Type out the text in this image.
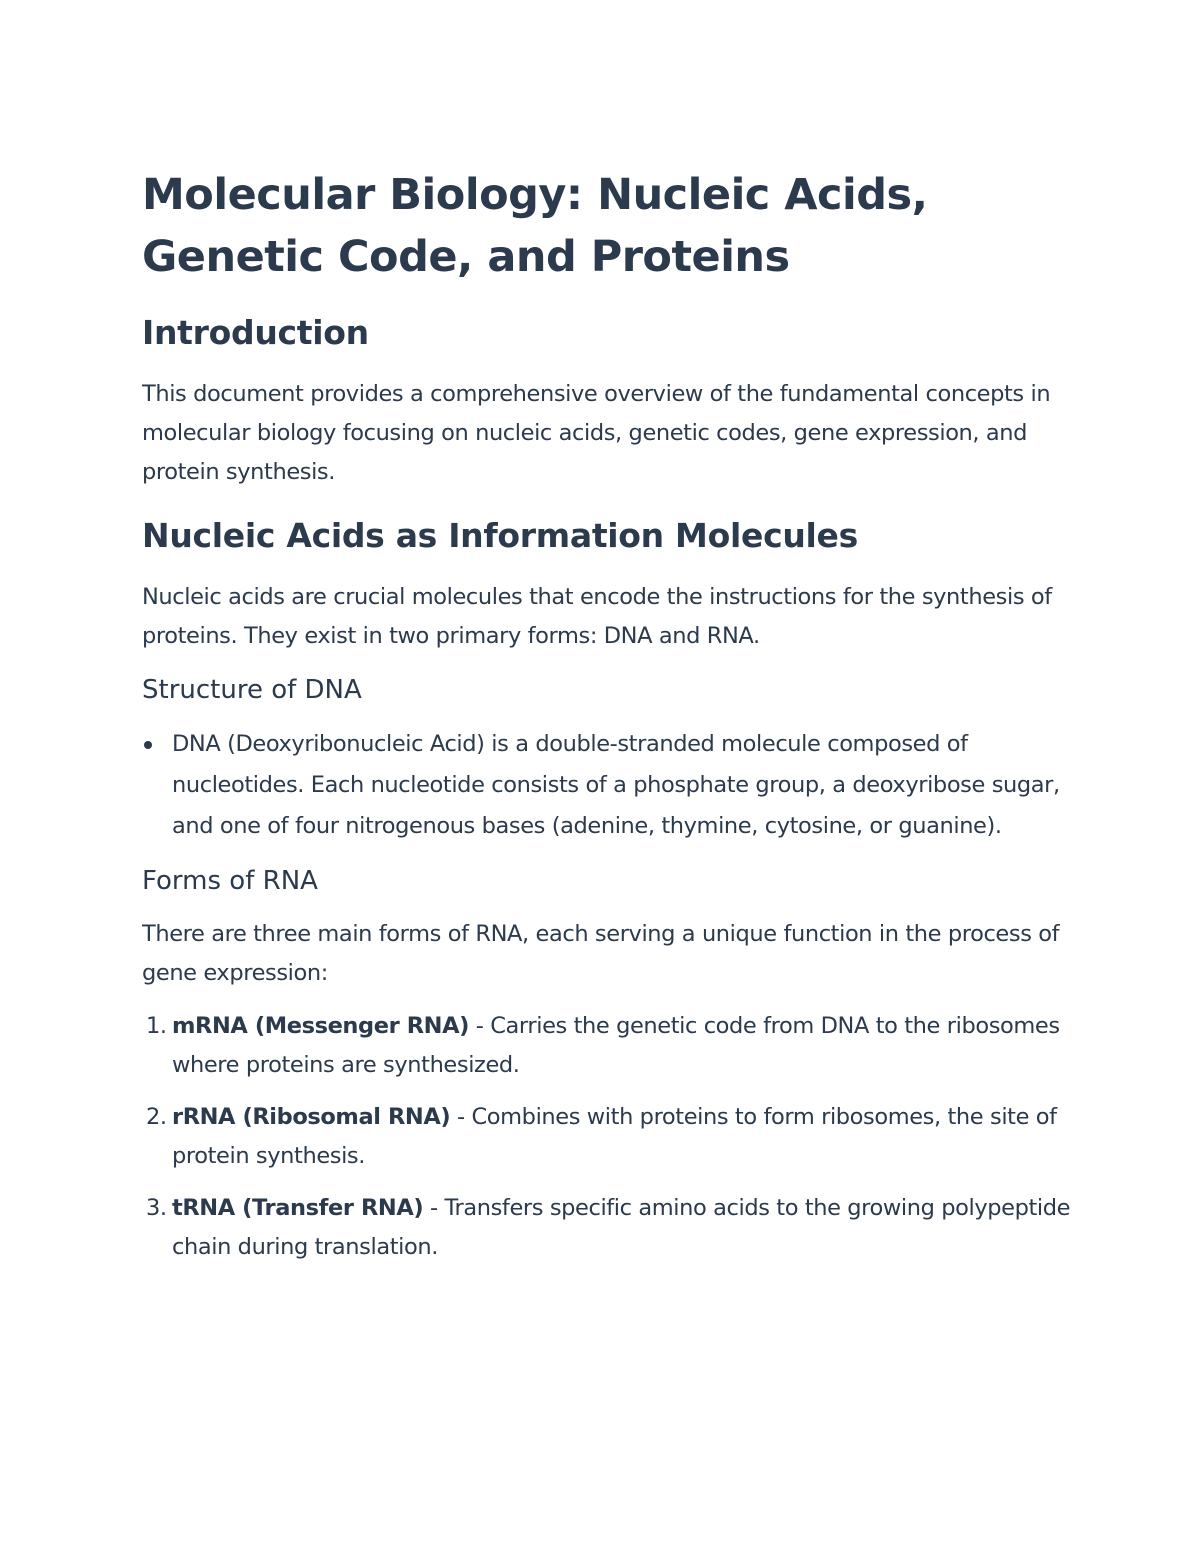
Molecular Biology: Nucleic Acids, Genetic Code, and Proteins
Introduction

This document provides a comprehensive overview of the fundamental concepts in molecular biology focusing on nucleic acids, genetic codes, gene expression, and protein synthesis.

Nucleic Acids as Information Molecules

Nucleic acids are crucial molecules that encode the instructions for the synthesis of proteins. They exist in two primary forms: DNA and RNA.

Structure of DNA
DNA (Deoxyribonucleic Acid) is a double-stranded molecule composed of nucleotides. Each nucleotide consists of a phosphate group, a deoxyribose sugar, and one of four nitrogenous bases (adenine, thymine, cytosine, or guanine).
Forms of RNA

There are three main forms of RNA, each serving a unique function in the process of gene expression:

1. mRNA (Messenger RNA) - Carries the genetic code from DNA to the ribosomes where proteins are synthesized.
2. rRNA (Ribosomal RNA) - Combines with proteins to form ribosomes, the site of protein synthesis.
3. tRNA (Transfer RNA) - Transfers specific amino acids to the growing polypeptide chain during translation.
